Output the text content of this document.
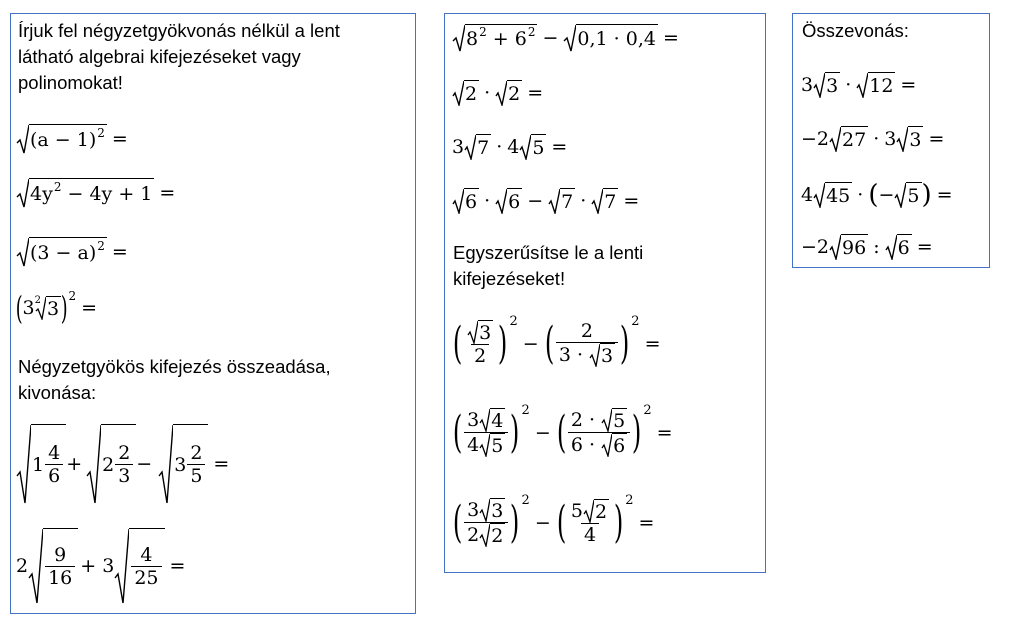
Írjuk fel négyzetgyökvonás nélkül a lent
látható algebrai kifejezéseket vagy
polinomokat!
(a − 1) 2 =
4y 2 − 4y + 1 =
(3 − a) 2 =
( 3 2 3 ) 2
=
Négyzetgyökös kifejezés összeadása,
kivonása:
$1 \frac{4}{6} + 2 \frac{2}{3} - 3 \frac{2}{5}$ =
$2 \frac{9}{16} + 3 \frac{4}{25}$ =
8 2 + 6 2 − 0,1 · 0,4 =
2 · 2 =
3 7 · 4 5 =
6 · 6 − 7 · 7 =
Egyszerűsítse le a lenti
kifejezéseket!
( $\frac{3}{2}$ ) 2
− ( $\frac{2}{3 \cdot 3}$ ) 2
=
( $\frac{3 4}{4 5}$ ) 2
− ( $\frac{2 \cdot 5}{6 \cdot 6}$ ) 2
=
( $\frac{3 3}{2 2}$ ) 2
− ( $\frac{5 2}{4}$ ) 2
=
Összevonás:
3 3 · 12 =
−2 27 · 3 3 =
4 45 · ( − 5 ) =
−2 96 : 6 =
